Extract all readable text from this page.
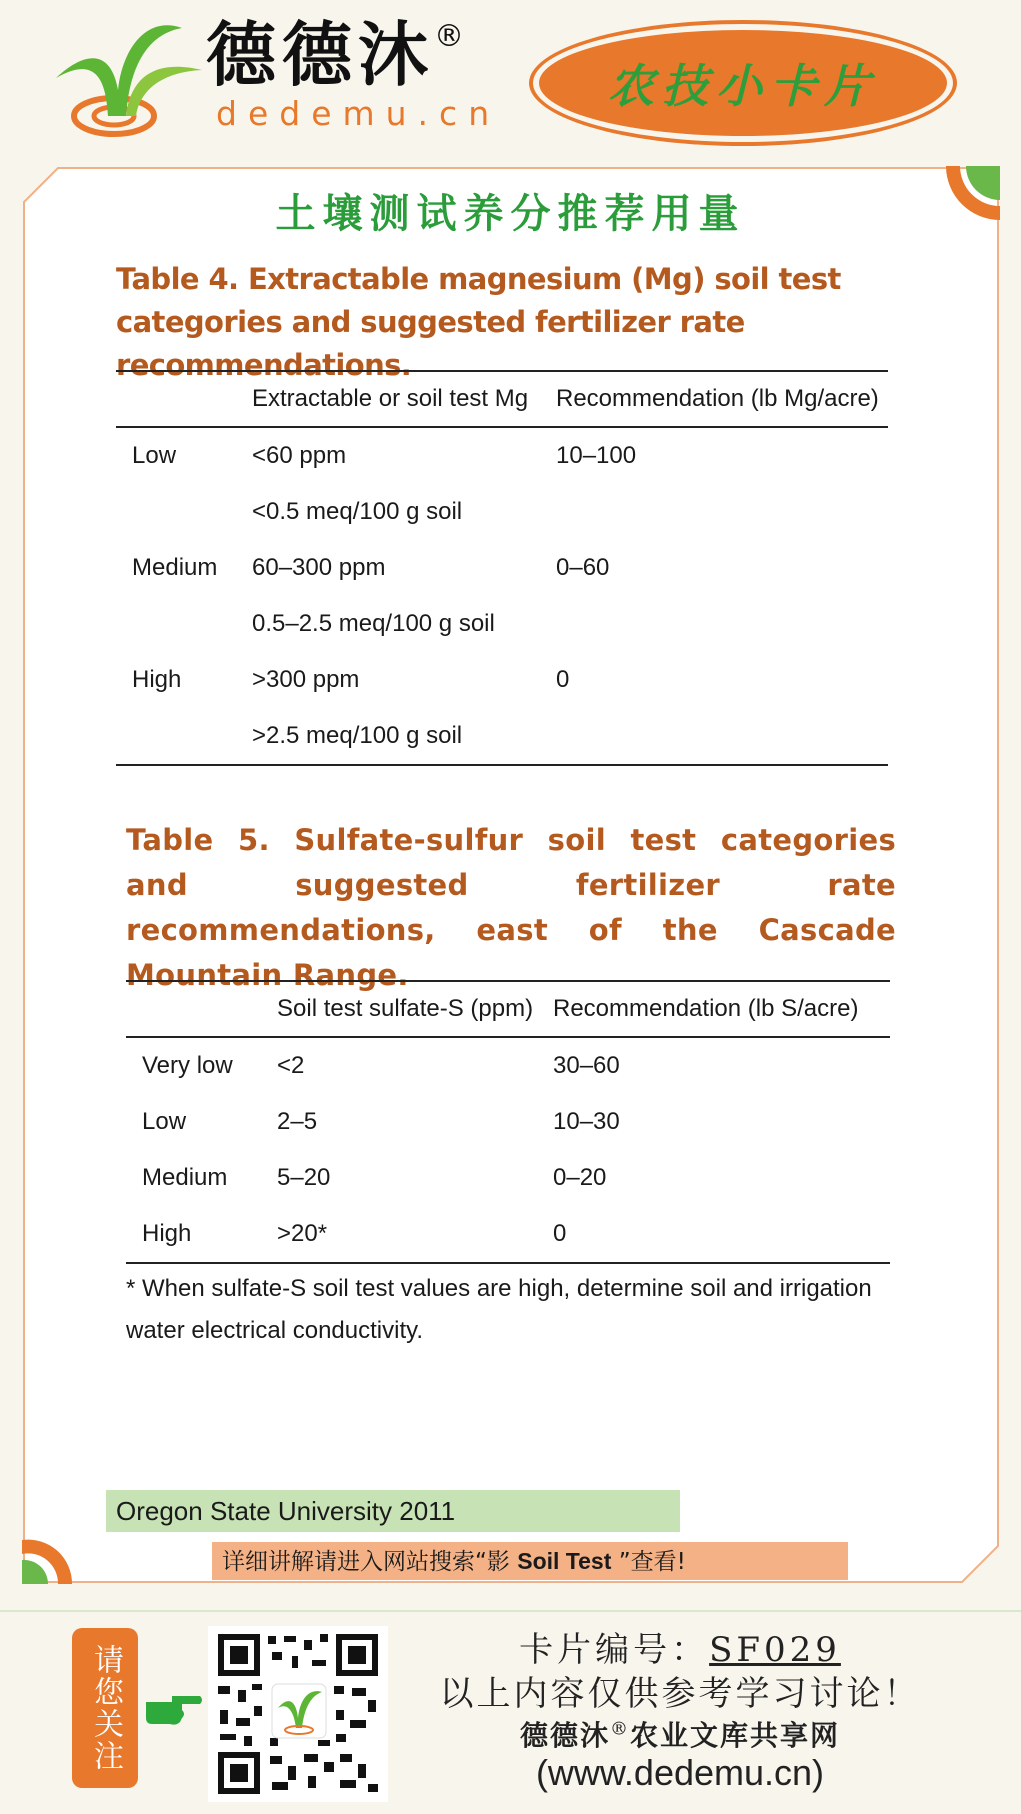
德德沐®
dedemu.cn
农技小卡片
土壤测试养分推荐用量
Table 4. Extractable magnesium (Mg) soil test categories and suggested fertilizer rate recommendations.
	Extractable or soil test Mg	Recommendation (lb Mg/acre)
Low	<60 ppm	10–100
	<0.5 meq/100 g soil	
Medium	60–300 ppm	0–60
	0.5–2.5 meq/100 g soil	
High	>300 ppm	0
	>2.5 meq/100 g soil	
Table 5. Sulfate-sulfur soil test categories and suggested fertilizer rate recommendations, east of the Cascade Mountain Range.
	Soil test sulfate-S (ppm)	Recommendation (lb S/acre)
Very low	<2	30–60
Low	2–5	10–30
Medium	5–20	0–20
High	>20*	0
* When sulfate-S soil test values are high, determine soil and irrigation water electrical conductivity.
Oregon State University 2011
详细讲解请进入网站搜索“影 Soil Test ”查看!
请您关注	卡片编号：SF029
以上内容仅供参考学习讨论！
德德沐®农业文库共享网
(www.dedemu.cn)
